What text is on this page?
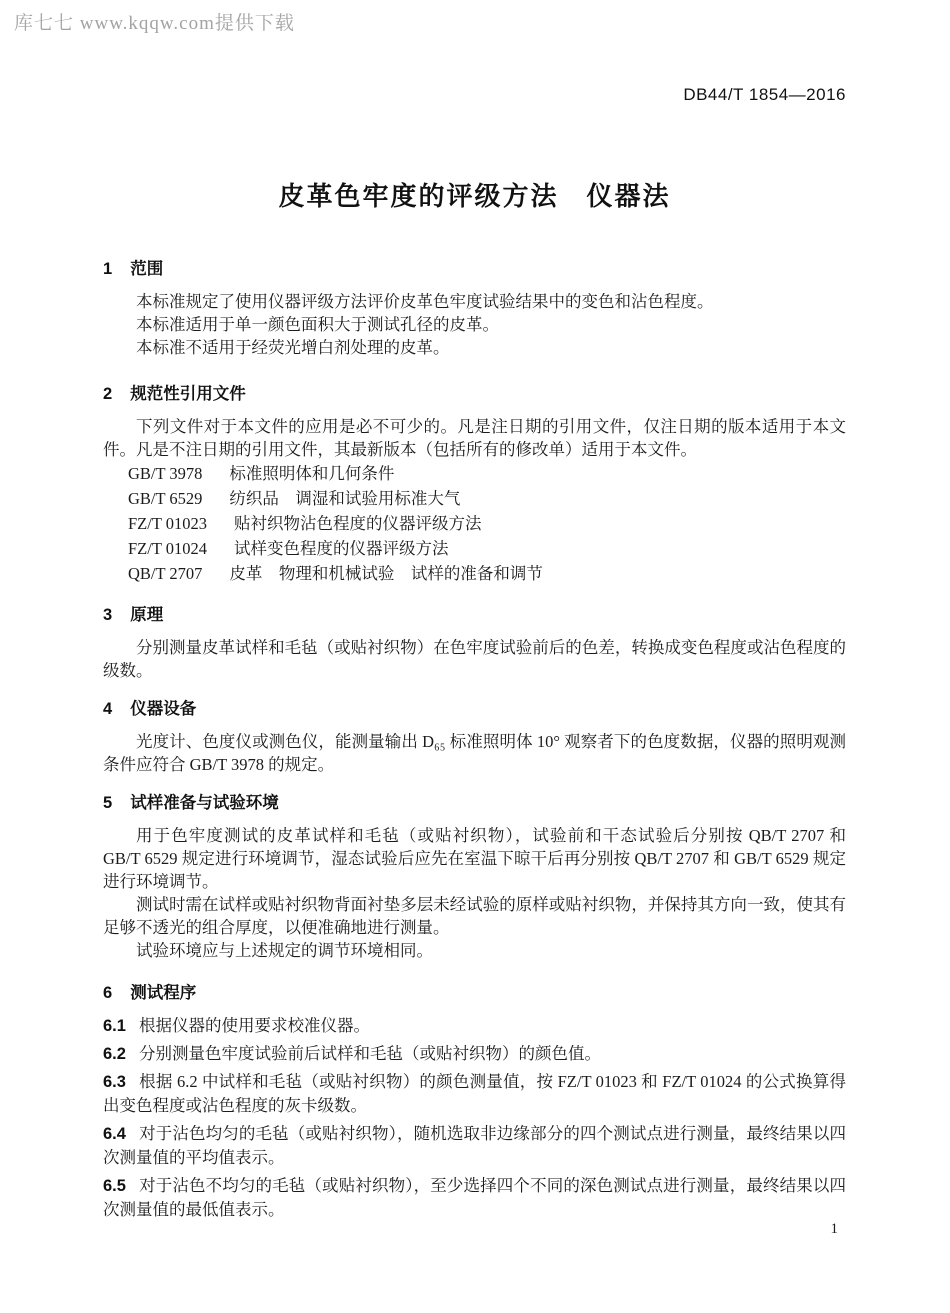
库七七 www.kqqw.com提供下载
DB44/T 1854—2016
皮革色牢度的评级方法　仪器法
1 范围

本标准规定了使用仪器评级方法评价皮革色牢度试验结果中的变色和沾色程度。

本标准适用于单一颜色面积大于测试孔径的皮革。

本标准不适用于经荧光增白剂处理的皮革。

2 规范性引用文件

下列文件对于本文件的应用是必不可少的。凡是注日期的引用文件，仅注日期的版本适用于本文件。凡是不注日期的引用文件，其最新版本（包括所有的修改单）适用于本文件。

GB/T 3978 标准照明体和几何条件
GB/T 6529 纺织品　调湿和试验用标准大气
FZ/T 01023 贴衬织物沾色程度的仪器评级方法
FZ/T 01024 试样变色程度的仪器评级方法
QB/T 2707 皮革　物理和机械试验　试样的准备和调节
3 原理

分别测量皮革试样和毛毡（或贴衬织物）在色牢度试验前后的色差，转换成变色程度或沾色程度的级数。

4 仪器设备

光度计、色度仪或测色仪，能测量输出 D₆₅ 标准照明体 10° 观察者下的色度数据，仪器的照明观测条件应符合 GB/T 3978 的规定。

5 试样准备与试验环境

用于色牢度测试的皮革试样和毛毡（或贴衬织物），试验前和干态试验后分别按 QB/T 2707 和 GB/T 6529 规定进行环境调节，湿态试验后应先在室温下晾干后再分别按 QB/T 2707 和 GB/T 6529 规定进行环境调节。

测试时需在试样或贴衬织物背面衬垫多层未经试验的原样或贴衬织物，并保持其方向一致，使其有足够不透光的组合厚度，以便准确地进行测量。

试验环境应与上述规定的调节环境相同。

6 测试程序

6.1 根据仪器的使用要求校准仪器。

6.2 分别测量色牢度试验前后试样和毛毡（或贴衬织物）的颜色值。

6.3 根据 6.2 中试样和毛毡（或贴衬织物）的颜色测量值，按 FZ/T 01023 和 FZ/T 01024 的公式换算得出变色程度或沾色程度的灰卡级数。

6.4 对于沾色均匀的毛毡（或贴衬织物），随机选取非边缘部分的四个测试点进行测量，最终结果以四次测量值的平均值表示。

6.5 对于沾色不均匀的毛毡（或贴衬织物），至少选择四个不同的深色测试点进行测量，最终结果以四次测量值的最低值表示。

1
